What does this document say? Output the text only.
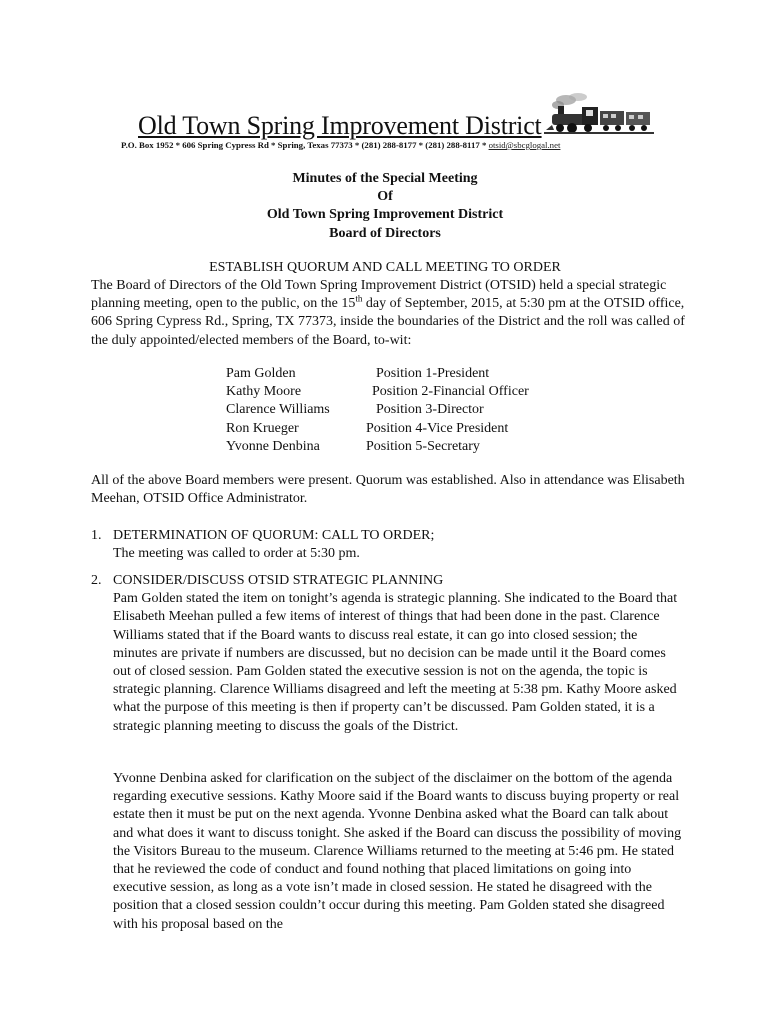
Old Town Spring Improvement District
P.O. Box 1952 * 606 Spring Cypress Rd * Spring, Texas 77373 * (281) 288-8177 * (281) 288-8117 * otsid@sbcglogal.net
Minutes of the Special Meeting
Of
Old Town Spring Improvement District
Board of Directors
ESTABLISH QUORUM AND CALL MEETING TO ORDER
The Board of Directors of the Old Town Spring Improvement District (OTSID) held a special strategic planning meeting, open to the public, on the 15th day of September, 2015, at 5:30 pm at the OTSID office, 606 Spring Cypress Rd., Spring, TX 77373, inside the boundaries of the District and the roll was called of the duly appointed/elected members of the Board, to-wit:
Pam Golden	Position 1-President
Kathy Moore	Position 2-Financial Officer
Clarence Williams	Position 3-Director
Ron Krueger	Position 4-Vice President
Yvonne Denbina	Position 5-Secretary
All of the above Board members were present. Quorum was established. Also in attendance was Elisabeth Meehan, OTSID Office Administrator.
1. DETERMINATION OF QUORUM: CALL TO ORDER;
The meeting was called to order at 5:30 pm.
2. CONSIDER/DISCUSS OTSID STRATEGIC PLANNING
Pam Golden stated the item on tonight’s agenda is strategic planning. She indicated to the Board that Elisabeth Meehan pulled a few items of interest of things that had been done in the past. Clarence Williams stated that if the Board wants to discuss real estate, it can go into closed session; the minutes are private if numbers are discussed, but no decision can be made until it the Board comes out of closed session. Pam Golden stated the executive session is not on the agenda, the topic is strategic planning. Clarence Williams disagreed and left the meeting at 5:38 pm. Kathy Moore asked what the purpose of this meeting is then if property can’t be discussed. Pam Golden stated, it is a strategic planning meeting to discuss the goals of the District.
Yvonne Denbina asked for clarification on the subject of the disclaimer on the bottom of the agenda regarding executive sessions. Kathy Moore said if the Board wants to discuss buying property or real estate then it must be put on the next agenda. Yvonne Denbina asked what the Board can talk about and what does it want to discuss tonight. She asked if the Board can discuss the possibility of moving the Visitors Bureau to the museum. Clarence Williams returned to the meeting at 5:46 pm. He stated that he reviewed the code of conduct and found nothing that placed limitations on going into executive session, as long as a vote isn’t made in closed session. He stated he disagreed with the position that a closed session couldn’t occur during this meeting. Pam Golden stated she disagreed with his proposal based on the
